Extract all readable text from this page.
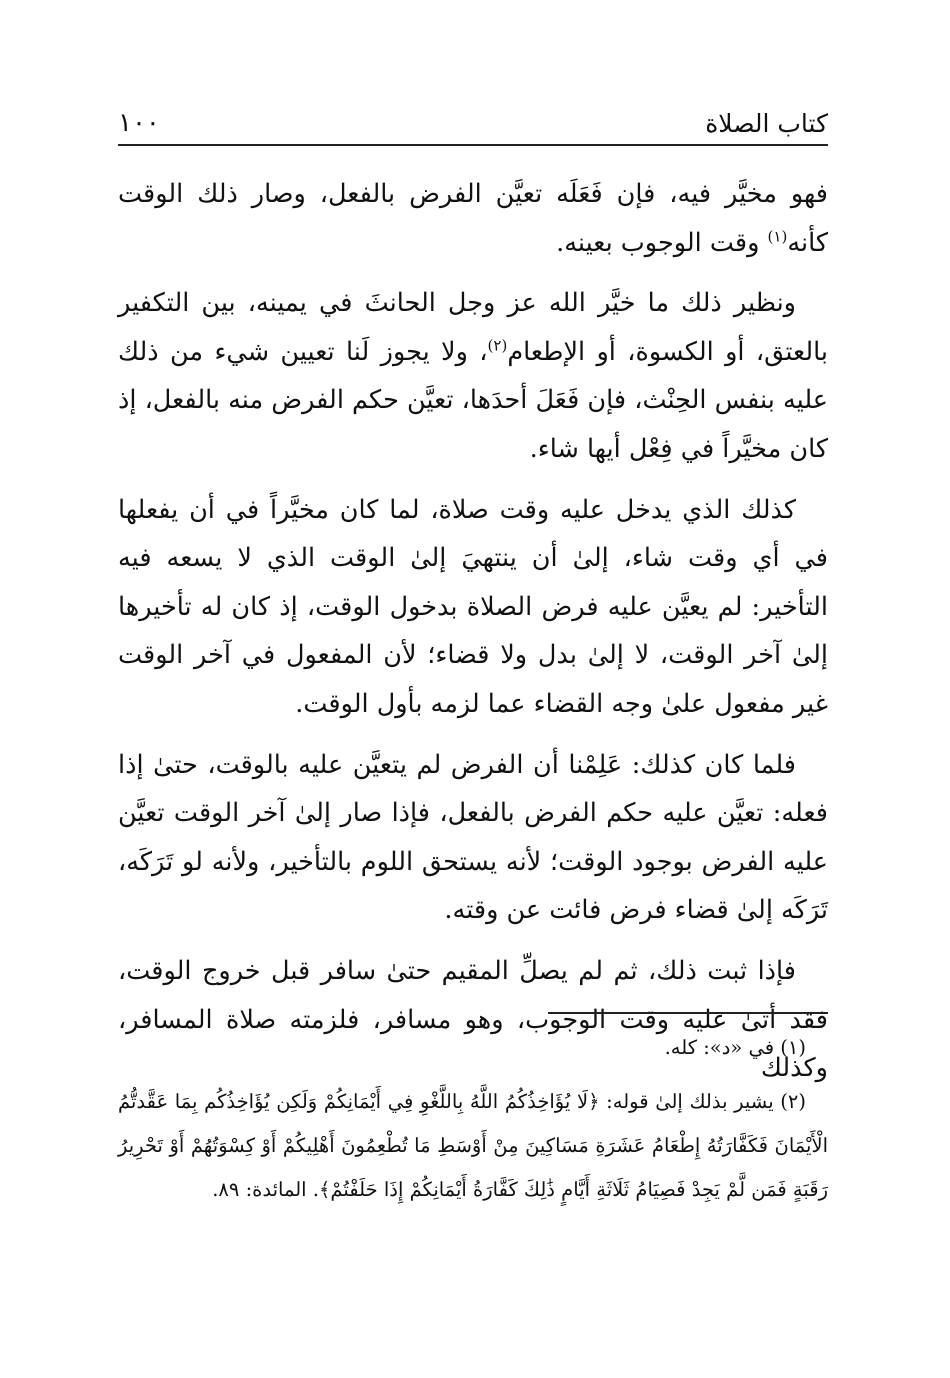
كتاب الصلاة
١٠٠

فهو مخيَّر فيه، فإن فَعَلَه تعيَّن الفرض بالفعل، وصار ذلك الوقت كأنه$^{(١)}$ وقت الوجوب بعينه.

ونظير ذلك ما خيَّر الله عز وجل الحانثَ في يمينه، بين التكفير بالعتق، أو الكسوة، أو الإطعام$^{(٢)}$، ولا يجوز لَنا تعيين شيء من ذلك عليه بنفس الحِنْث، فإن فَعَلَ أحدَها، تعيَّن حكم الفرض منه بالفعل، إذ كان مخيَّراً في فِعْل أيها شاء.

كذلك الذي يدخل عليه وقت صلاة، لما كان مخيَّراً في أن يفعلها في أي وقت شاء، إلىٰ أن ينتهيَ إلىٰ الوقت الذي لا يسعه فيه التأخير: لم يعيَّن عليه فرض الصلاة بدخول الوقت، إذ كان له تأخيرها إلىٰ آخر الوقت، لا إلىٰ بدل ولا قضاء؛ لأن المفعول في آخر الوقت غير مفعول علىٰ وجه القضاء عما لزمه بأول الوقت.

فلما كان كذلك: عَلِمْنا أن الفرض لم يتعيَّن عليه بالوقت، حتىٰ إذا فعله: تعيَّن عليه حكم الفرض بالفعل، فإذا صار إلىٰ آخر الوقت تعيَّن عليه الفرض بوجود الوقت؛ لأنه يستحق اللوم بالتأخير، ولأنه لو تَرَكَه، تَرَكَه إلىٰ قضاء فرض فائت عن وقته.

فإذا ثبت ذلك، ثم لم يصلِّ المقيم حتىٰ سافر قبل خروج الوقت، فقد أتىٰ عليه وقت الوجوب، وهو مسافر، فلزمته صلاة المسافر، وكذلك

(١) في «د»: كله.

(٢) يشير بذلك إلىٰ قوله: ﴿لَا يُؤَاخِذُكُمُ اللَّهُ بِاللَّغْوِ فِي أَيْمَانِكُمْ وَلَكِن يُؤَاخِذُكُم بِمَا عَقَّدتُّمُ الْأَيْمَانَ فَكَفَّارَتُهُ إِطْعَامُ عَشَرَةِ مَسَاكِينَ مِنْ أَوْسَطِ مَا تُطْعِمُونَ أَهْلِيكُمْ أَوْ كِسْوَتُهُمْ أَوْ تَحْرِيرُ رَقَبَةٍ فَمَن لَّمْ يَجِدْ فَصِيَامُ ثَلَاثَةِ أَيَّامٍ ذَٰلِكَ كَفَّارَةُ أَيْمَانِكُمْ إِذَا حَلَفْتُمْ﴾. المائدة: ٨٩.
